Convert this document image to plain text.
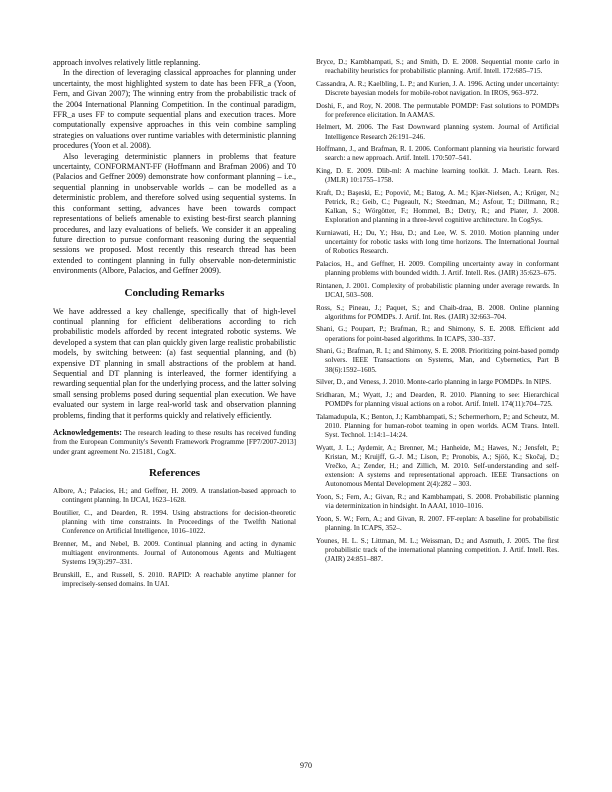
approach involves relatively little replanning.

In the direction of leveraging classical approaches for planning under uncertainty, the most highlighted system to date has been FFR_a (Yoon, Fern, and Givan 2007); The winning entry from the probabilistic track of the 2004 International Planning Competition. In the continual paradigm, FFR_a uses FF to compute sequential plans and execution traces. More computationally expensive approaches in this vein combine sampling strategies on valuations over runtime variables with deterministic planning procedures (Yoon et al. 2008).

Also leveraging deterministic planners in problems that feature uncertainty, CONFORMANT-FF (Hoffmann and Brafman 2006) and T0 (Palacios and Geffner 2009) demonstrate how conformant planning – i.e., sequential planning in unobservable worlds – can be modelled as a deterministic problem, and therefore solved using sequential systems. In this conformant setting, advances have been towards compact representations of beliefs amenable to existing best-first search planning procedures, and lazy evaluations of beliefs. We consider it an appealing future direction to pursue conformant reasoning during the sequential sessions we proposed. Most recently this research thread has been extended to contingent planning in fully observable non-deterministic environments (Albore, Palacios, and Geffner 2009).

Concluding Remarks

We have addressed a key challenge, specifically that of high-level continual planning for efficient deliberations according to rich probabilistic models afforded by recent integrated robotic systems. We developed a system that can plan quickly given large realistic probabilistic models, by switching between: (a) fast sequential planning, and (b) expensive DT planning in small abstractions of the problem at hand. Sequential and DT planning is interleaved, the former identifying a rewarding sequential plan for the underlying process, and the latter solving small sensing problems posed during sequential plan execution. We have evaluated our system in large real-world task and observation planning problems, finding that it performs quickly and relatively efficiently.

Acknowledgements: The research leading to these results has received funding from the European Community's Seventh Framework Programme [FP7/2007-2013] under grant agreement No. 215181, CogX.

References

Albore, A.; Palacios, H.; and Geffner, H. 2009. A translation-based approach to contingent planning. In IJCAI, 1623–1628.

Boutilier, C., and Dearden, R. 1994. Using abstractions for decision-theoretic planning with time constraints. In Proceedings of the Twelfth National Conference on Artificial Intelligence, 1016–1022.

Brenner, M., and Nebel, B. 2009. Continual planning and acting in dynamic multiagent environments. Journal of Autonomous Agents and Multiagent Systems 19(3):297–331.

Brunskill, E., and Russell, S. 2010. RAPID: A reachable anytime planner for imprecisely-sensed domains. In UAI.

Bryce, D.; Kambhampati, S.; and Smith, D. E. 2008. Sequential monte carlo in reachability heuristics for probabilistic planning. Artif. Intell. 172:685–715.

Cassandra, A. R.; Kaelbling, L. P.; and Kurien, J. A. 1996. Acting under uncertainty: Discrete bayesian models for mobile-robot navigation. In IROS, 963–972.

Doshi, F., and Roy, N. 2008. The permutable POMDP: Fast solutions to POMDPs for preference elicitation. In AAMAS.

Helmert, M. 2006. The Fast Downward planning system. Journal of Artificial Intelligence Research 26:191–246.

Hoffmann, J., and Brafman, R. I. 2006. Conformant planning via heuristic forward search: a new approach. Artif. Intell. 170:507–541.

King, D. E. 2009. Dlib-ml: A machine learning toolkit. J. Mach. Learn. Res. (JMLR) 10:1755–1758.

Kraft, D.; Başeski, E.; Popović, M.; Batog, A. M.; Kjær-Nielsen, A.; Krüger, N.; Petrick, R.; Geib, C.; Pugeault, N.; Steedman, M.; Asfour, T.; Dillmann, R.; Kalkan, S.; Wörgötter, F.; Hommel, B.; Detry, R.; and Piater, J. 2008. Exploration and planning in a three-level cognitive architecture. In CogSys.

Kurniawati, H.; Du, Y.; Hsu, D.; and Lee, W. S. 2010. Motion planning under uncertainty for robotic tasks with long time horizons. The International Journal of Robotics Research.

Palacios, H., and Geffner, H. 2009. Compiling uncertainty away in conformant planning problems with bounded width. J. Artif. Intell. Res. (JAIR) 35:623–675.

Rintanen, J. 2001. Complexity of probabilistic planning under average rewards. In IJCAI, 503–508.

Ross, S.; Pineau, J.; Paquet, S.; and Chaib-draa, B. 2008. Online planning algorithms for POMDPs. J. Artif. Int. Res. (JAIR) 32:663–704.

Shani, G.; Poupart, P.; Brafman, R.; and Shimony, S. E. 2008. Efficient add operations for point-based algorithms. In ICAPS, 330–337.

Shani, G.; Brafman, R. I.; and Shimony, S. E. 2008. Prioritizing point-based pomdp solvers. IEEE Transactions on Systems, Man, and Cybernetics, Part B 38(6):1592–1605.

Silver, D., and Veness, J. 2010. Monte-carlo planning in large POMDPs. In NIPS.

Sridharan, M.; Wyatt, J.; and Dearden, R. 2010. Planning to see: Hierarchical POMDPs for planning visual actions on a robot. Artif. Intell. 174(11):704–725.

Talamadupula, K.; Benton, J.; Kambhampati, S.; Schermerhorn, P.; and Scheutz, M. 2010. Planning for human-robot teaming in open worlds. ACM Trans. Intell. Syst. Technol. 1:14:1–14:24.

Wyatt, J. L.; Aydemir, A.; Brenner, M.; Hanheide, M.; Hawes, N.; Jensfelt, P.; Kristan, M.; Kruijff, G.-J. M.; Lison, P.; Pronobis, A.; Sjöö, K.; Skočaj, D.; Vrečko, A.; Zender, H.; and Zillich, M. 2010. Self-understanding and self-extension: A systems and representational approach. IEEE Transactions on Autonomous Mental Development 2(4):282 – 303.

Yoon, S.; Fern, A.; Givan, R.; and Kambhampati, S. 2008. Probabilistic planning via determinization in hindsight. In AAAI, 1010–1016.

Yoon, S. W.; Fern, A.; and Givan, R. 2007. FF-replan: A baseline for probabilistic planning. In ICAPS, 352–.

Younes, H. L. S.; Littman, M. L.; Weissman, D.; and Asmuth, J. 2005. The first probabilistic track of the international planning competition. J. Artif. Intell. Res. (JAIR) 24:851–887.

970
